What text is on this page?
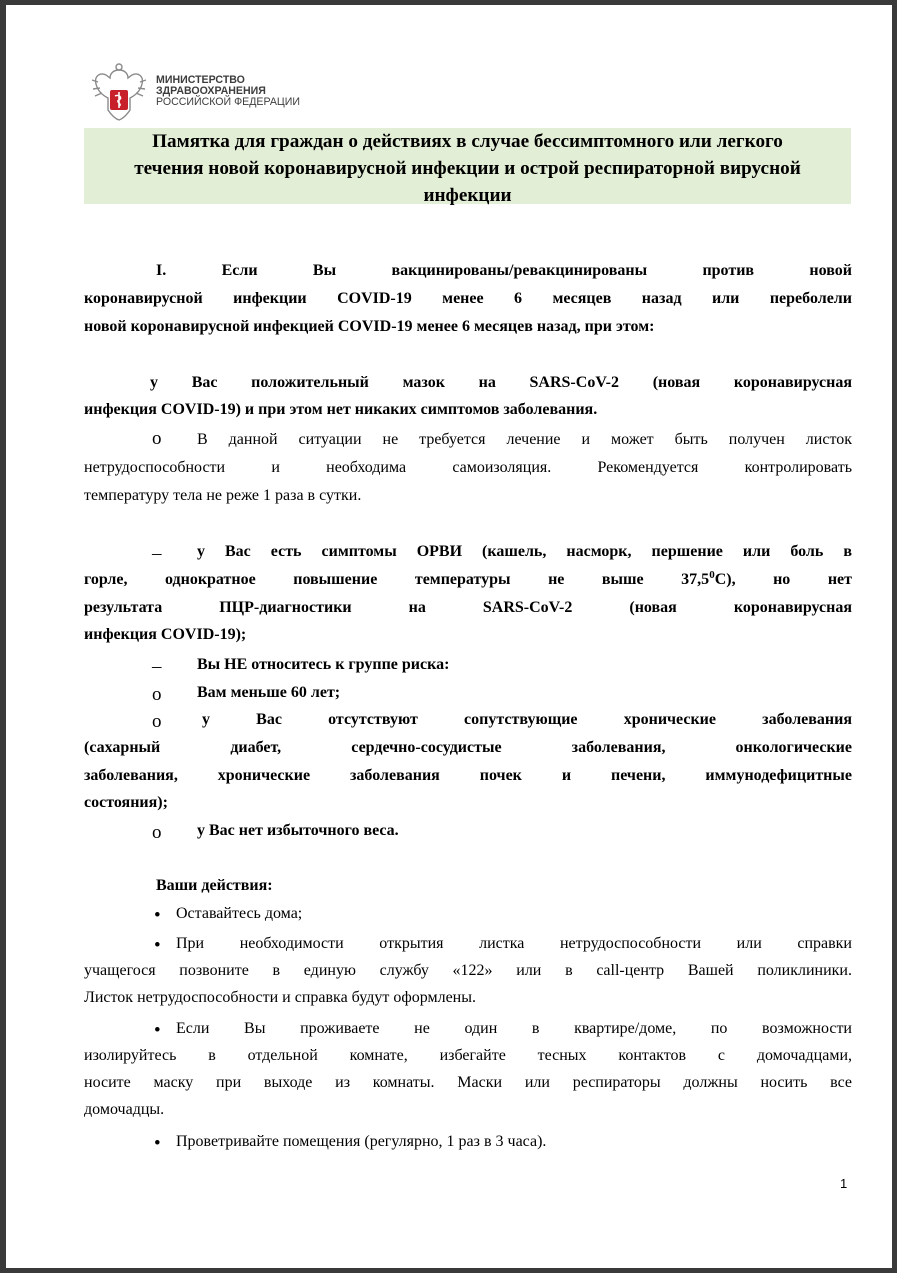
МИНИСТЕРСТВО
ЗДРАВООХРАНЕНИЯ
РОССИЙСКОЙ ФЕДЕРАЦИИ
Памятка для граждан о действиях в случае бессимптомного или легкого
течения новой коронавирусной инфекции и острой респираторной вирусной
инфекции
I. Если Вы вакцинированы/ревакцинированы против новой
коронавирусной инфекции COVID-19 менее 6 месяцев назад или переболели
новой коронавирусной инфекцией COVID-19 менее 6 месяцев назад, при этом:
у Вас положительный мазок на SARS-CoV-2 (новая коронавирусная
инфекция COVID-19) и при этом нет никаких симптомов заболевания.
o	В данной ситуации не требуется лечение и может быть получен листок
нетрудоспособности и необходима самоизоляция. Рекомендуется контролировать
температуру тела не реже 1 раза в сутки.
–	у Вас есть симптомы ОРВИ (кашель, насморк, першение или боль в
горле, однократное повышение температуры не выше 37,5$^0$С), но нет
результата ПЦР-диагностики на SARS-CoV-2 (новая коронавирусная
инфекция COVID-19);
–	Вы НЕ относитесь к группе риска:
o	Вам меньше 60 лет;
o	у Вас отсутствуют сопутствующие хронические заболевания
(сахарный диабет, сердечно-сосудистые заболевания, онкологические
заболевания, хронические заболевания почек и печени, иммунодефицитные
состояния);
o	у Вас нет избыточного веса.
Ваши действия:
• Оставайтесь дома;
• При необходимости открытия листка нетрудоспособности или справки
учащегося позвоните в единую службу «122» или в call-центр Вашей поликлиники.
Листок нетрудоспособности и справка будут оформлены.
• Если Вы проживаете не один в квартире/доме, по возможности
изолируйтесь в отдельной комнате, избегайте тесных контактов с домочадцами,
носите маску при выходе из комнаты. Маски или респираторы должны носить все
домочадцы.
• Проветривайте помещения (регулярно, 1 раз в 3 часа).
1
